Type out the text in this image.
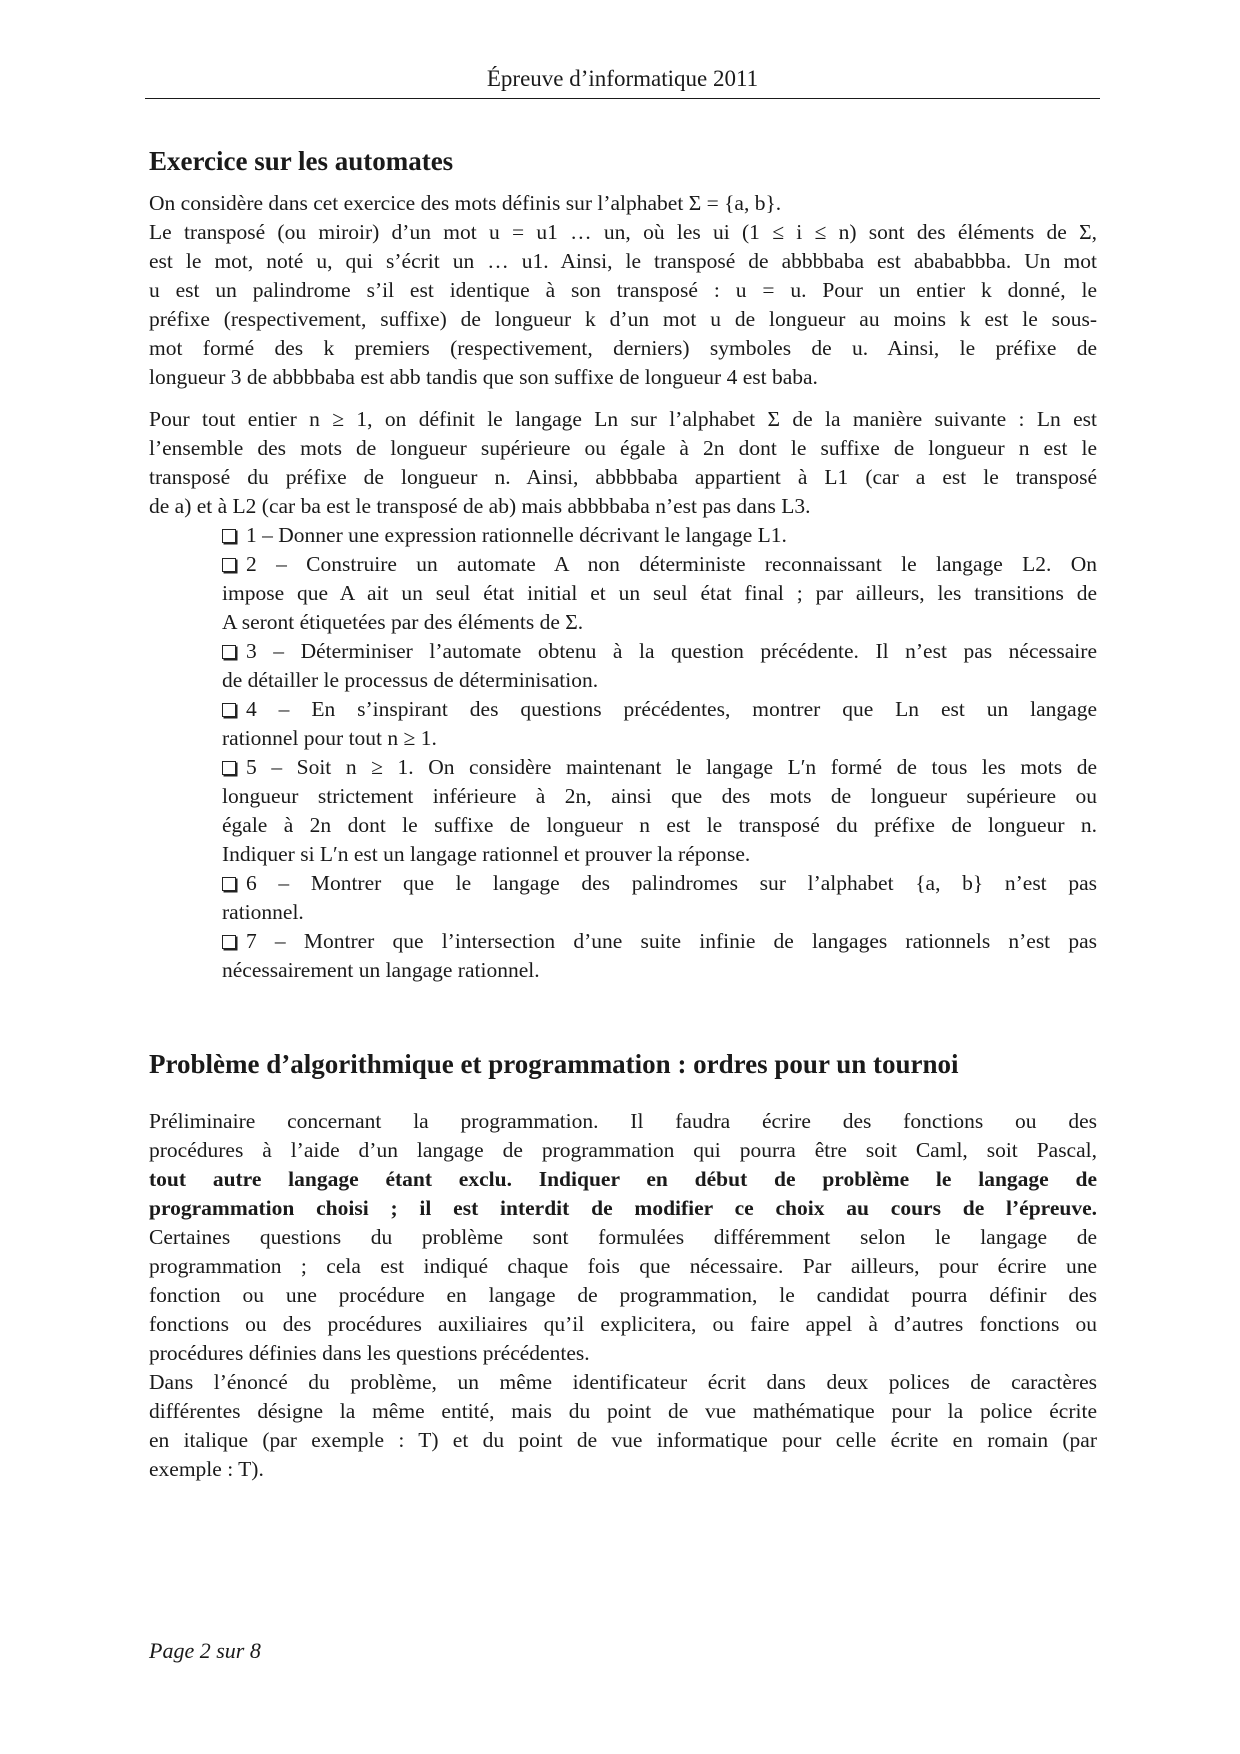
Épreuve d’informatique 2011
Exercice sur les automates

On considère dans cet exercice des mots définis sur l’alphabet Σ = {a, b}.

Le transposé (ou miroir) d’un mot u = u1 … un, où les ui (1 ≤ i ≤ n) sont des éléments de Σ,

est le mot, noté u, qui s’écrit un … u1. Ainsi, le transposé de abbbbaba est abababbba. Un mot

u est un palindrome s’il est identique à son transposé : u = u. Pour un entier k donné, le

préfixe (respectivement, suffixe) de longueur k d’un mot u de longueur au moins k est le sous-

mot formé des k premiers (respectivement, derniers) symboles de u. Ainsi, le préfixe de

longueur 3 de abbbbaba est abb tandis que son suffixe de longueur 4 est baba.

Pour tout entier n ≥ 1, on définit le langage Ln sur l’alphabet Σ de la manière suivante : Ln est

l’ensemble des mots de longueur supérieure ou égale à 2n dont le suffixe de longueur n est le

transposé du préfixe de longueur n. Ainsi, abbbbaba appartient à L1 (car a est le transposé

de a) et à L2 (car ba est le transposé de ab) mais abbbbaba n’est pas dans L3.

1 – Donner une expression rationnelle décrivant le langage L1.

2 – Construire un automate A non déterministe reconnaissant le langage L2. On

impose que A ait un seul état initial et un seul état final ; par ailleurs, les transitions de

A seront étiquetées par des éléments de Σ.

3 – Déterminiser l’automate obtenu à la question précédente. Il n’est pas nécessaire

de détailler le processus de déterminisation.

4 – En s’inspirant des questions précédentes, montrer que Ln est un langage

rationnel pour tout n ≥ 1.

5 – Soit n ≥ 1. On considère maintenant le langage L′n formé de tous les mots de

longueur strictement inférieure à 2n, ainsi que des mots de longueur supérieure ou

égale à 2n dont le suffixe de longueur n est le transposé du préfixe de longueur n.

Indiquer si L′n est un langage rationnel et prouver la réponse.

6 – Montrer que le langage des palindromes sur l’alphabet {a, b} n’est pas

rationnel.

7 – Montrer que l’intersection d’une suite infinie de langages rationnels n’est pas

nécessairement un langage rationnel.

Problème d’algorithmique et programmation : ordres pour un tournoi

Préliminaire concernant la programmation. Il faudra écrire des fonctions ou des

procédures à l’aide d’un langage de programmation qui pourra être soit Caml, soit Pascal,

tout autre langage étant exclu. Indiquer en début de problème le langage de

programmation choisi ; il est interdit de modifier ce choix au cours de l’épreuve.

Certaines questions du problème sont formulées différemment selon le langage de

programmation ; cela est indiqué chaque fois que nécessaire. Par ailleurs, pour écrire une

fonction ou une procédure en langage de programmation, le candidat pourra définir des

fonctions ou des procédures auxiliaires qu’il explicitera, ou faire appel à d’autres fonctions ou

procédures définies dans les questions précédentes.

Dans l’énoncé du problème, un même identificateur écrit dans deux polices de caractères

différentes désigne la même entité, mais du point de vue mathématique pour la police écrite

en italique (par exemple : T) et du point de vue informatique pour celle écrite en romain (par

exemple : T).

Page 2 sur 8
